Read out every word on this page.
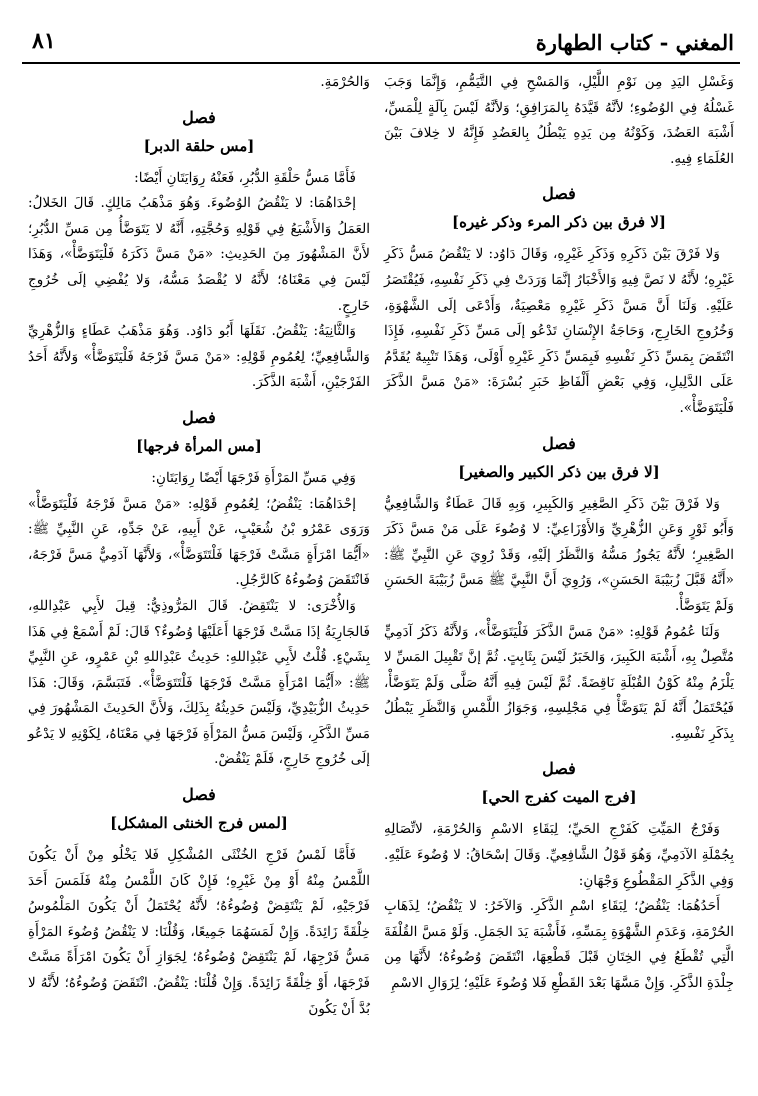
المغني - كتاب الطهارة
٨١

وَغَسْلِ اليَدِ مِن نَوْمِ اللَّيْلِ، وَالمَسْحِ فِي التَّيَمُّمِ، وَإِنَّمَا وَجَبَ غَسْلُهُ فِي الوُضُوءِ؛ لأنَّهُ قَيَّدَهُ بِالمَرَافِقِ؛ وَلأنَّهُ لَيْسَ بِآلَةٍ لِلْمَسِّ، أَشْبَهَ العَضُدَ، وَكَوْنُهُ مِن يَدِهِ يَبْطُلُ بِالعَضُدِ فَإِنَّهُ لا خِلافَ بَيْنَ العُلَمَاءِ فِيهِ.

فصل
[لا فرق بين ذكر المرء وذكر غيره]

وَلا فَرْقَ بَيْنَ ذَكَرِهِ وَذَكَرِ غَيْرِهِ، وَقَالَ دَاوُد: لا يَنْقُضُ مَسُّ ذَكَرِ غَيْرِهِ؛ لأَنَّهُ لا نَصَّ فِيهِ وَالأَخْبَارُ إنَّمَا وَرَدَتْ فِي ذَكَرِ نَفْسِهِ، فَيُقْتَصَرُ عَلَيْهِ. وَلَنَا أَنَّ مَسَّ ذَكَرِ غَيْرِهِ مَعْصِيَةٌ، وَأَدْعَى إلَى الشَّهْوَةِ، وَخُرُوجِ الخَارِجِ، وَحَاجَةُ الإِنْسَانِ تَدْعُو إلَى مَسِّ ذَكَرِ نَفْسِهِ، فَإِذَا انْتَقَضَ بِمَسِّ ذَكَرِ نَفْسِهِ فَبِمَسِّ ذَكَرِ غَيْرِهِ أَوْلَى، وَهَذَا تَنْبِيهٌ يُقَدَّمُ عَلَى الدَّلِيلِ، وَفِي بَعْضِ أَلْفَاظِ خَبَرِ بُسْرَةَ: «مَنْ مَسَّ الذَّكَرَ فَلْيَتَوَضَّأْ».

فصل
[لا فرق بين ذكر الكبير والصغير]

وَلا فَرْقَ بَيْنَ ذَكَرِ الصَّغِيرِ وَالكَبِيرِ، وَبِهِ قَالَ عَطَاءٌ وَالشَّافِعِيُّ وَأَبُو ثَوْرٍ وَعَنِ الزُّهْرِيِّ وَالأَوْزَاعِيِّ: لا وُضُوءَ عَلَى مَنْ مَسَّ ذَكَرَ الصَّغِيرِ؛ لأَنَّهُ يَجُوزُ مَسُّهُ وَالنَّظَرُ إلَيْهِ، وَقَدْ رُوِيَ عَنِ النَّبِيِّ ﷺ: «أَنَّهُ قَبَّلَ زُبَيْبَةَ الحَسَنِ»، وَرُوِيَ أَنَّ النَّبِيَّ ﷺ مَسَّ زُبَيْبَةَ الحَسَنِ وَلَمْ يَتَوَضَّأْ.

وَلَنَا عُمُومُ قَوْلِهِ: «مَنْ مَسَّ الذَّكَرَ فَلْيَتَوَضَّأْ»، وَلأَنَّهُ ذَكَرُ آدَمِيٍّ مُتَّصِلٌ بِهِ، أَشْبَهَ الكَبِيرَ، وَالخَبَرُ لَيْسَ بِثَابِتٍ. ثُمَّ إنَّ تَقْبِيلَ المَسِّ لا يَلْزَمُ مِنْهُ كَوْنُ القُبْلَةِ نَاقِضَةً. ثُمَّ لَيْسَ فِيهِ أَنَّهُ صَلَّى وَلَمْ يَتَوَضَّأْ، فَيُحْتَمَلُ أَنَّهُ لَمْ يَتَوَضَّأْ فِي مَجْلِسِهِ، وَجَوَازُ اللَّمْسِ وَالنَّظَرِ يَبْطُلُ بِذَكَرِ نَفْسِهِ.

فصل
[فرج الميت كفرج الحي]

وَفَرْجُ المَيِّتِ كَفَرْجِ الحَيِّ؛ لِبَقَاءِ الاسْمِ وَالحُرْمَةِ، لاتِّصَالِهِ بِجُمْلَةِ الآدَمِيِّ، وَهُوَ قَوْلُ الشَّافِعِيِّ. وَقَالَ إسْحَاقُ: لا وُضُوءَ عَلَيْهِ. وَفِي الذَّكَرِ المَقْطُوعِ وَجْهَانِ:

أَحَدُهُمَا: يَنْقُضُ؛ لِبَقَاءِ اسْمِ الذَّكَرِ. وَالآخَرُ: لا يَنْقُضُ؛ لِذَهَابِ الحُرْمَةِ، وَعَدَمِ الشَّهْوَةِ بِمَسِّهِ، فَأَشْبَهَ يَدَ الجَمَلِ. وَلَوْ مَسَّ القُلْفَةَ الَّتِي تُقْطَعُ فِي الخِتَانِ قَبْلَ قَطْعِهَا، انْتَقَضَ وُضُوءُهُ؛ لأَنَّهَا مِن جِلْدَةِ الذَّكَرِ. وَإِنْ مَسَّهَا بَعْدَ القَطْعِ فَلا وُضُوءَ عَلَيْهِ؛ لِزَوَالِ الاسْمِ

وَالحُرْمَةِ.

فصل
[مس حلقة الدبر]

فَأَمَّا مَسُّ حَلْقَةِ الدُّبُرِ، فَعَنْهُ رِوَايَتَانِ أَيْضًا:

إحْدَاهُمَا: لا يَنْقُضُ الوُضُوءَ. وَهُوَ مَذْهَبُ مَالِكٍ. قَالَ الخَلالُ: العَمَلُ وَالأَشْيَعُ فِي قَوْلِهِ وَحُجَّتِهِ، أَنَّهُ لا يَتَوَضَّأُ مِن مَسِّ الدُّبُرِ؛ لأَنَّ المَشْهُورَ مِنَ الحَدِيثِ: «مَنْ مَسَّ ذَكَرَهُ فَلْيَتَوَضَّأْ»، وَهَذَا لَيْسَ فِي مَعْنَاهُ؛ لأَنَّهُ لا يُقْصَدُ مَسُّهُ، وَلا يُفْضِي إلَى خُرُوجِ خَارِجٍ.

وَالثَّانِيَةُ: يَنْقُضُ. نَقَلَهَا أَبُو دَاوُد. وَهُوَ مَذْهَبُ عَطَاءٍ وَالزُّهْرِيِّ وَالشَّافِعِيِّ؛ لِعُمُومِ قَوْلِهِ: «مَنْ مَسَّ فَرْجَهُ فَلْيَتَوَضَّأْ» وَلأَنَّهُ أَحَدُ الفَرْجَيْنِ، أَشْبَهَ الذَّكَرَ.

فصل
[مس المرأة فرجها]

وَفِي مَسِّ المَرْأَةِ فَرْجَهَا أَيْضًا رِوَايَتَانِ:

إحْدَاهُمَا: يَنْقُضُ؛ لِعُمُومِ قَوْلِهِ: «مَنْ مَسَّ فَرْجَهُ فَلْيَتَوَضَّأْ» وَرَوَى عَمْرُو بْنُ شُعَيْبٍ، عَنْ أَبِيهِ، عَنْ جَدِّهِ، عَنِ النَّبِيِّ ﷺ: «أَيُّمَا امْرَأَةٍ مَسَّتْ فَرْجَهَا فَلْتَتَوَضَّأْ»، وَلأَنَّهَا آدَمِيٌّ مَسَّ فَرْجَهُ، فَانْتَقَضَ وُضُوءُهُ كَالرَّجُلِ.

وَالأُخْرَى: لا يَنْتَقِضُ. قَالَ المَرُّوذِيُّ: قِيلَ لأَبِي عَبْدِاللهِ، فَالجَارِيَةُ إذَا مَسَّتْ فَرْجَهَا أَعَلَيْهَا وُضُوءٌ؟ قَالَ: لَمْ أَسْمَعْ فِي هَذَا بِشَيْءٍ. قُلْتُ لأَبِي عَبْدِاللهِ: حَدِيثُ عَبْدِاللهِ بْنِ عَمْرٍو، عَنِ النَّبِيِّ ﷺ: «أَيُّمَا امْرَأَةٍ مَسَّتْ فَرْجَهَا فَلْتَتَوَضَّأْ». فَتَبَسَّمَ، وَقَالَ: هَذَا حَدِيثُ الزُّبَيْدِيِّ، وَلَيْسَ حَدِيثُهُ بِذَلِكَ، وَلأَنَّ الحَدِيثَ المَشْهُورَ فِي مَسِّ الذَّكَرِ، وَلَيْسَ مَسُّ المَرْأَةِ فَرْجَهَا فِي مَعْنَاهُ، لِكَوْنِهِ لا يَدْعُو إلَى خُرُوجِ خَارِجٍ، فَلَمْ يَنْقُضْ.

فصل
[لمس فرج الخنثى المشكل]

فَأَمَّا لَمْسُ فَرْجِ الخُنْثَى المُشْكِلِ فَلا يَخْلُو مِنْ أَنْ يَكُونَ اللَّمْسُ مِنْهُ أَوْ مِنْ غَيْرِهِ؛ فَإِنْ كَانَ اللَّمْسُ مِنْهُ فَلَمَسَ أَحَدَ فَرْجَيْهِ، لَمْ يَنْتَقِضْ وُضُوءُهُ؛ لأَنَّهُ يُحْتَمَلُ أَنْ يَكُونَ المَلْمُوسُ خِلْقَةً زَائِدَةً. وَإِنْ لَمَسَهُمَا جَمِيعًا، وَقُلْنَا: لا يَنْقُضُ وُضُوءَ المَرْأَةِ مَسُّ فَرْجِهَا، لَمْ يَنْتَقِضْ وُضُوءُهُ؛ لِجَوَازِ أَنْ يَكُونَ امْرَأَةً مَسَّتْ فَرْجَهَا، أَوْ خِلْقَةً زَائِدَةً. وَإِنْ قُلْنَا: يَنْقُضُ. انْتَقَضَ وُضُوءُهُ؛ لأَنَّهُ لا بُدَّ أَنْ يَكُونَ
